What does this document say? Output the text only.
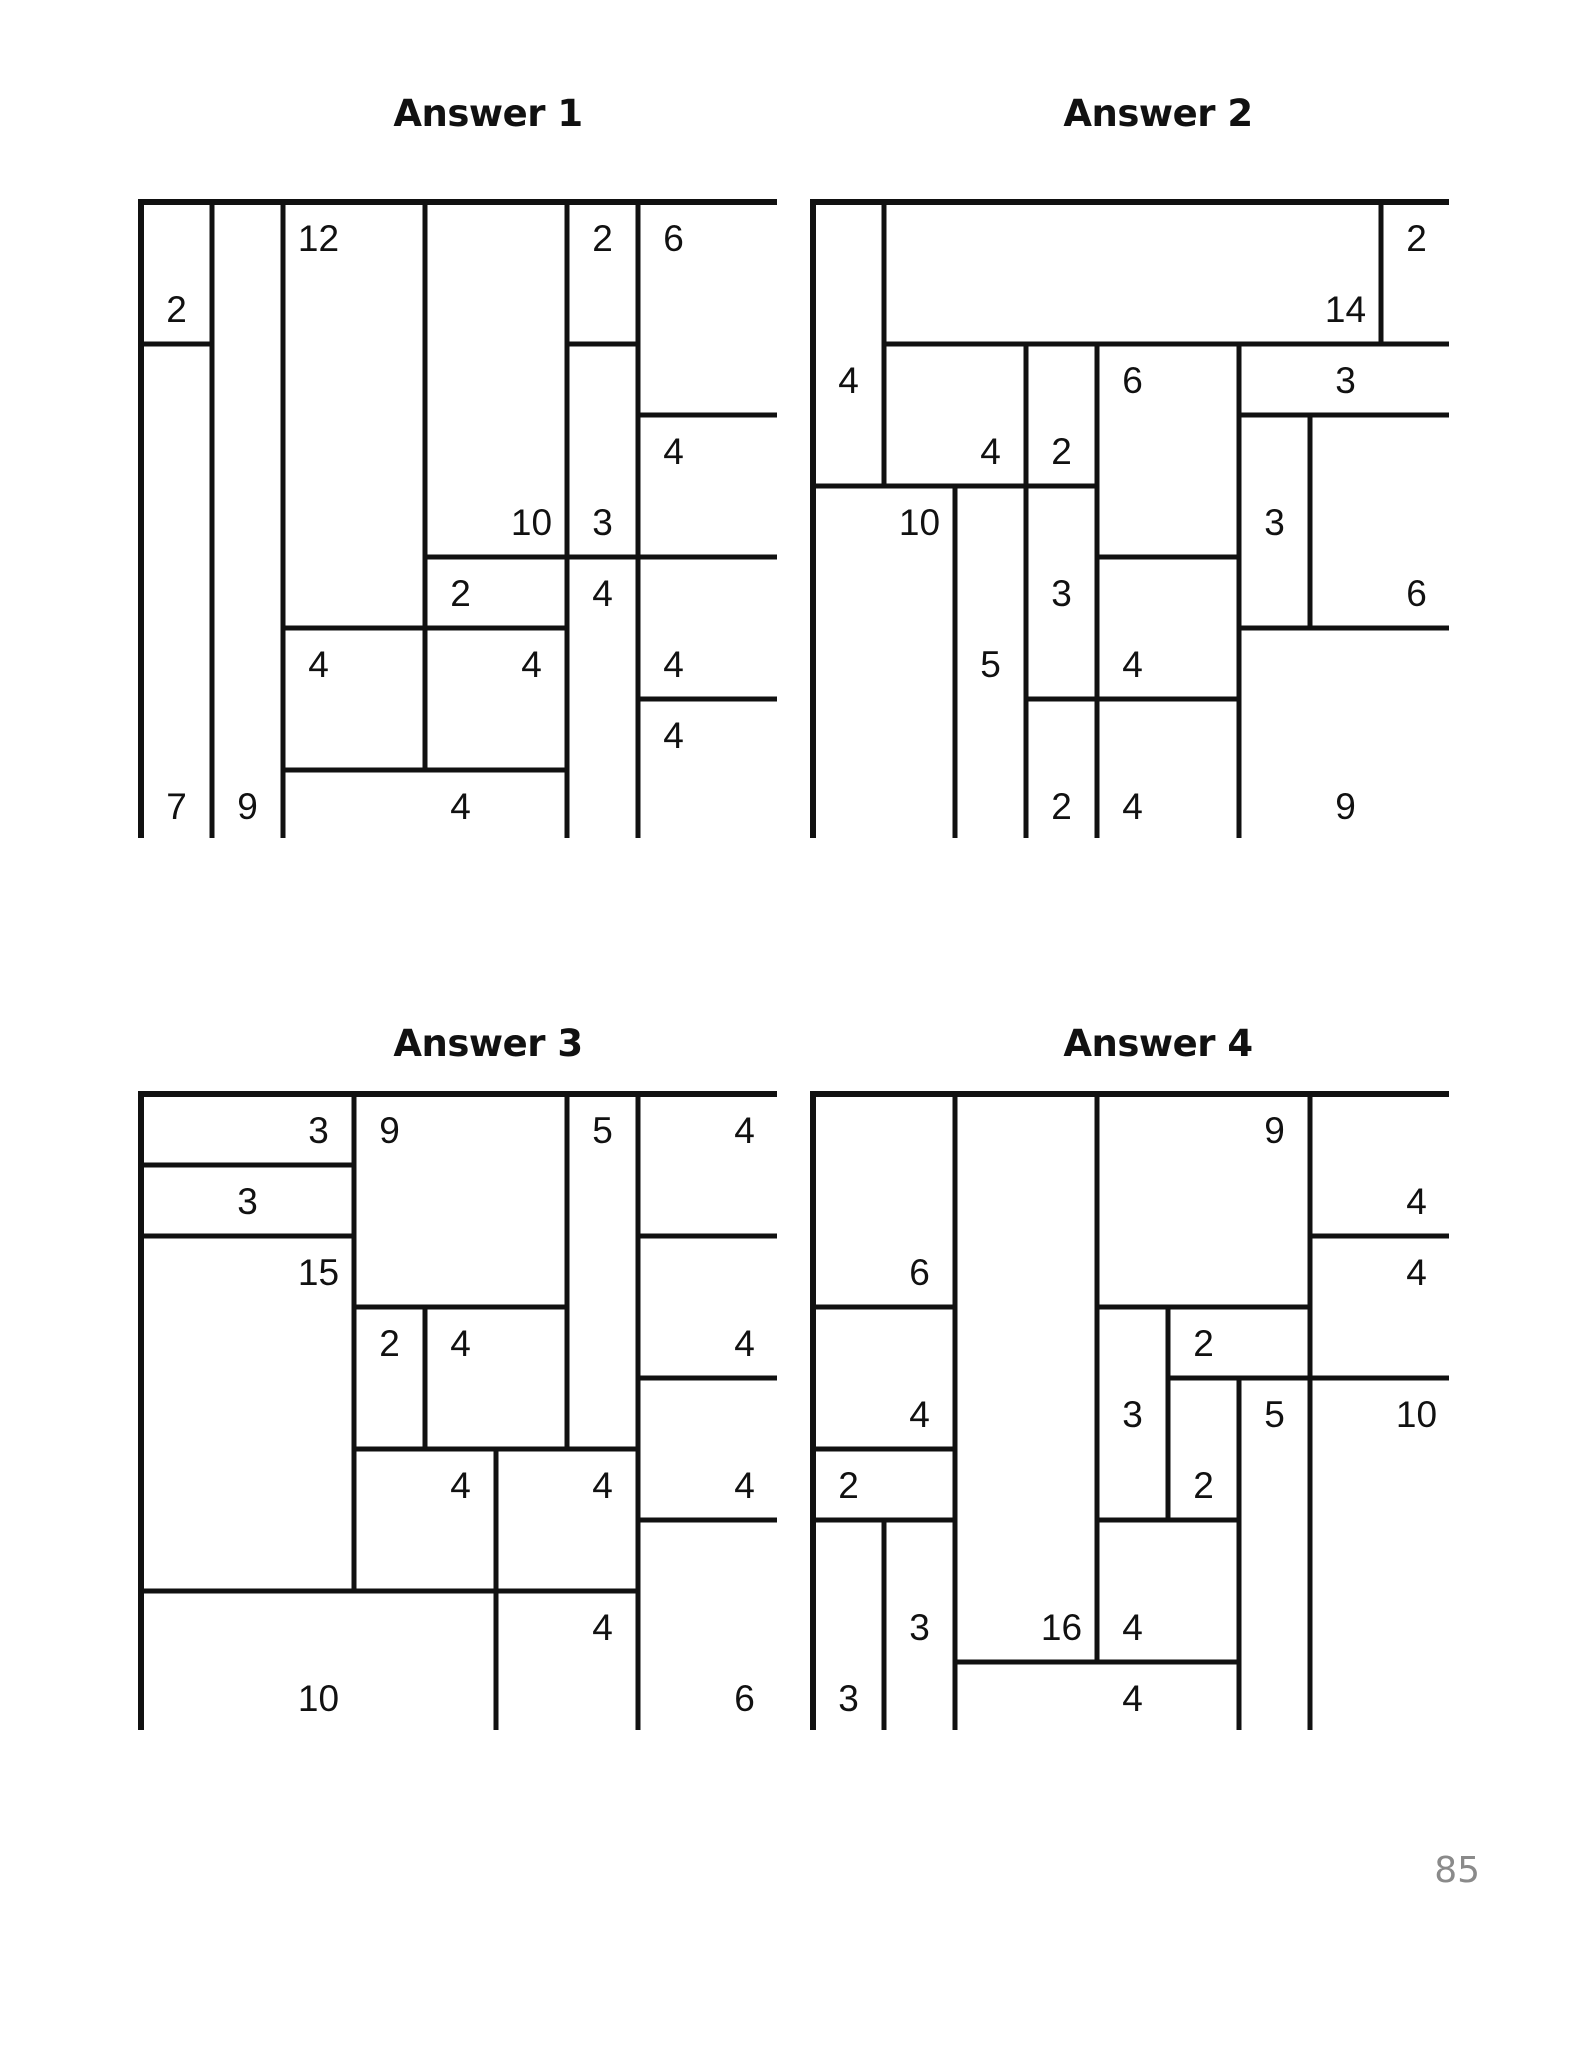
Answer 1	Answer 2
Answer 3	Answer 4
2
7 9
12
10
2 6
3
4
2	4
4
4	4
4
4
4
14
2
4 2
6	3
3
6
10
5
3
4
9
2 4
3
3
15
9	5	4
4
2 4
4
4	4
6
10
4
6
16
9
4
4
4	3
2
2
5	10
2
3
3	4
4
85
